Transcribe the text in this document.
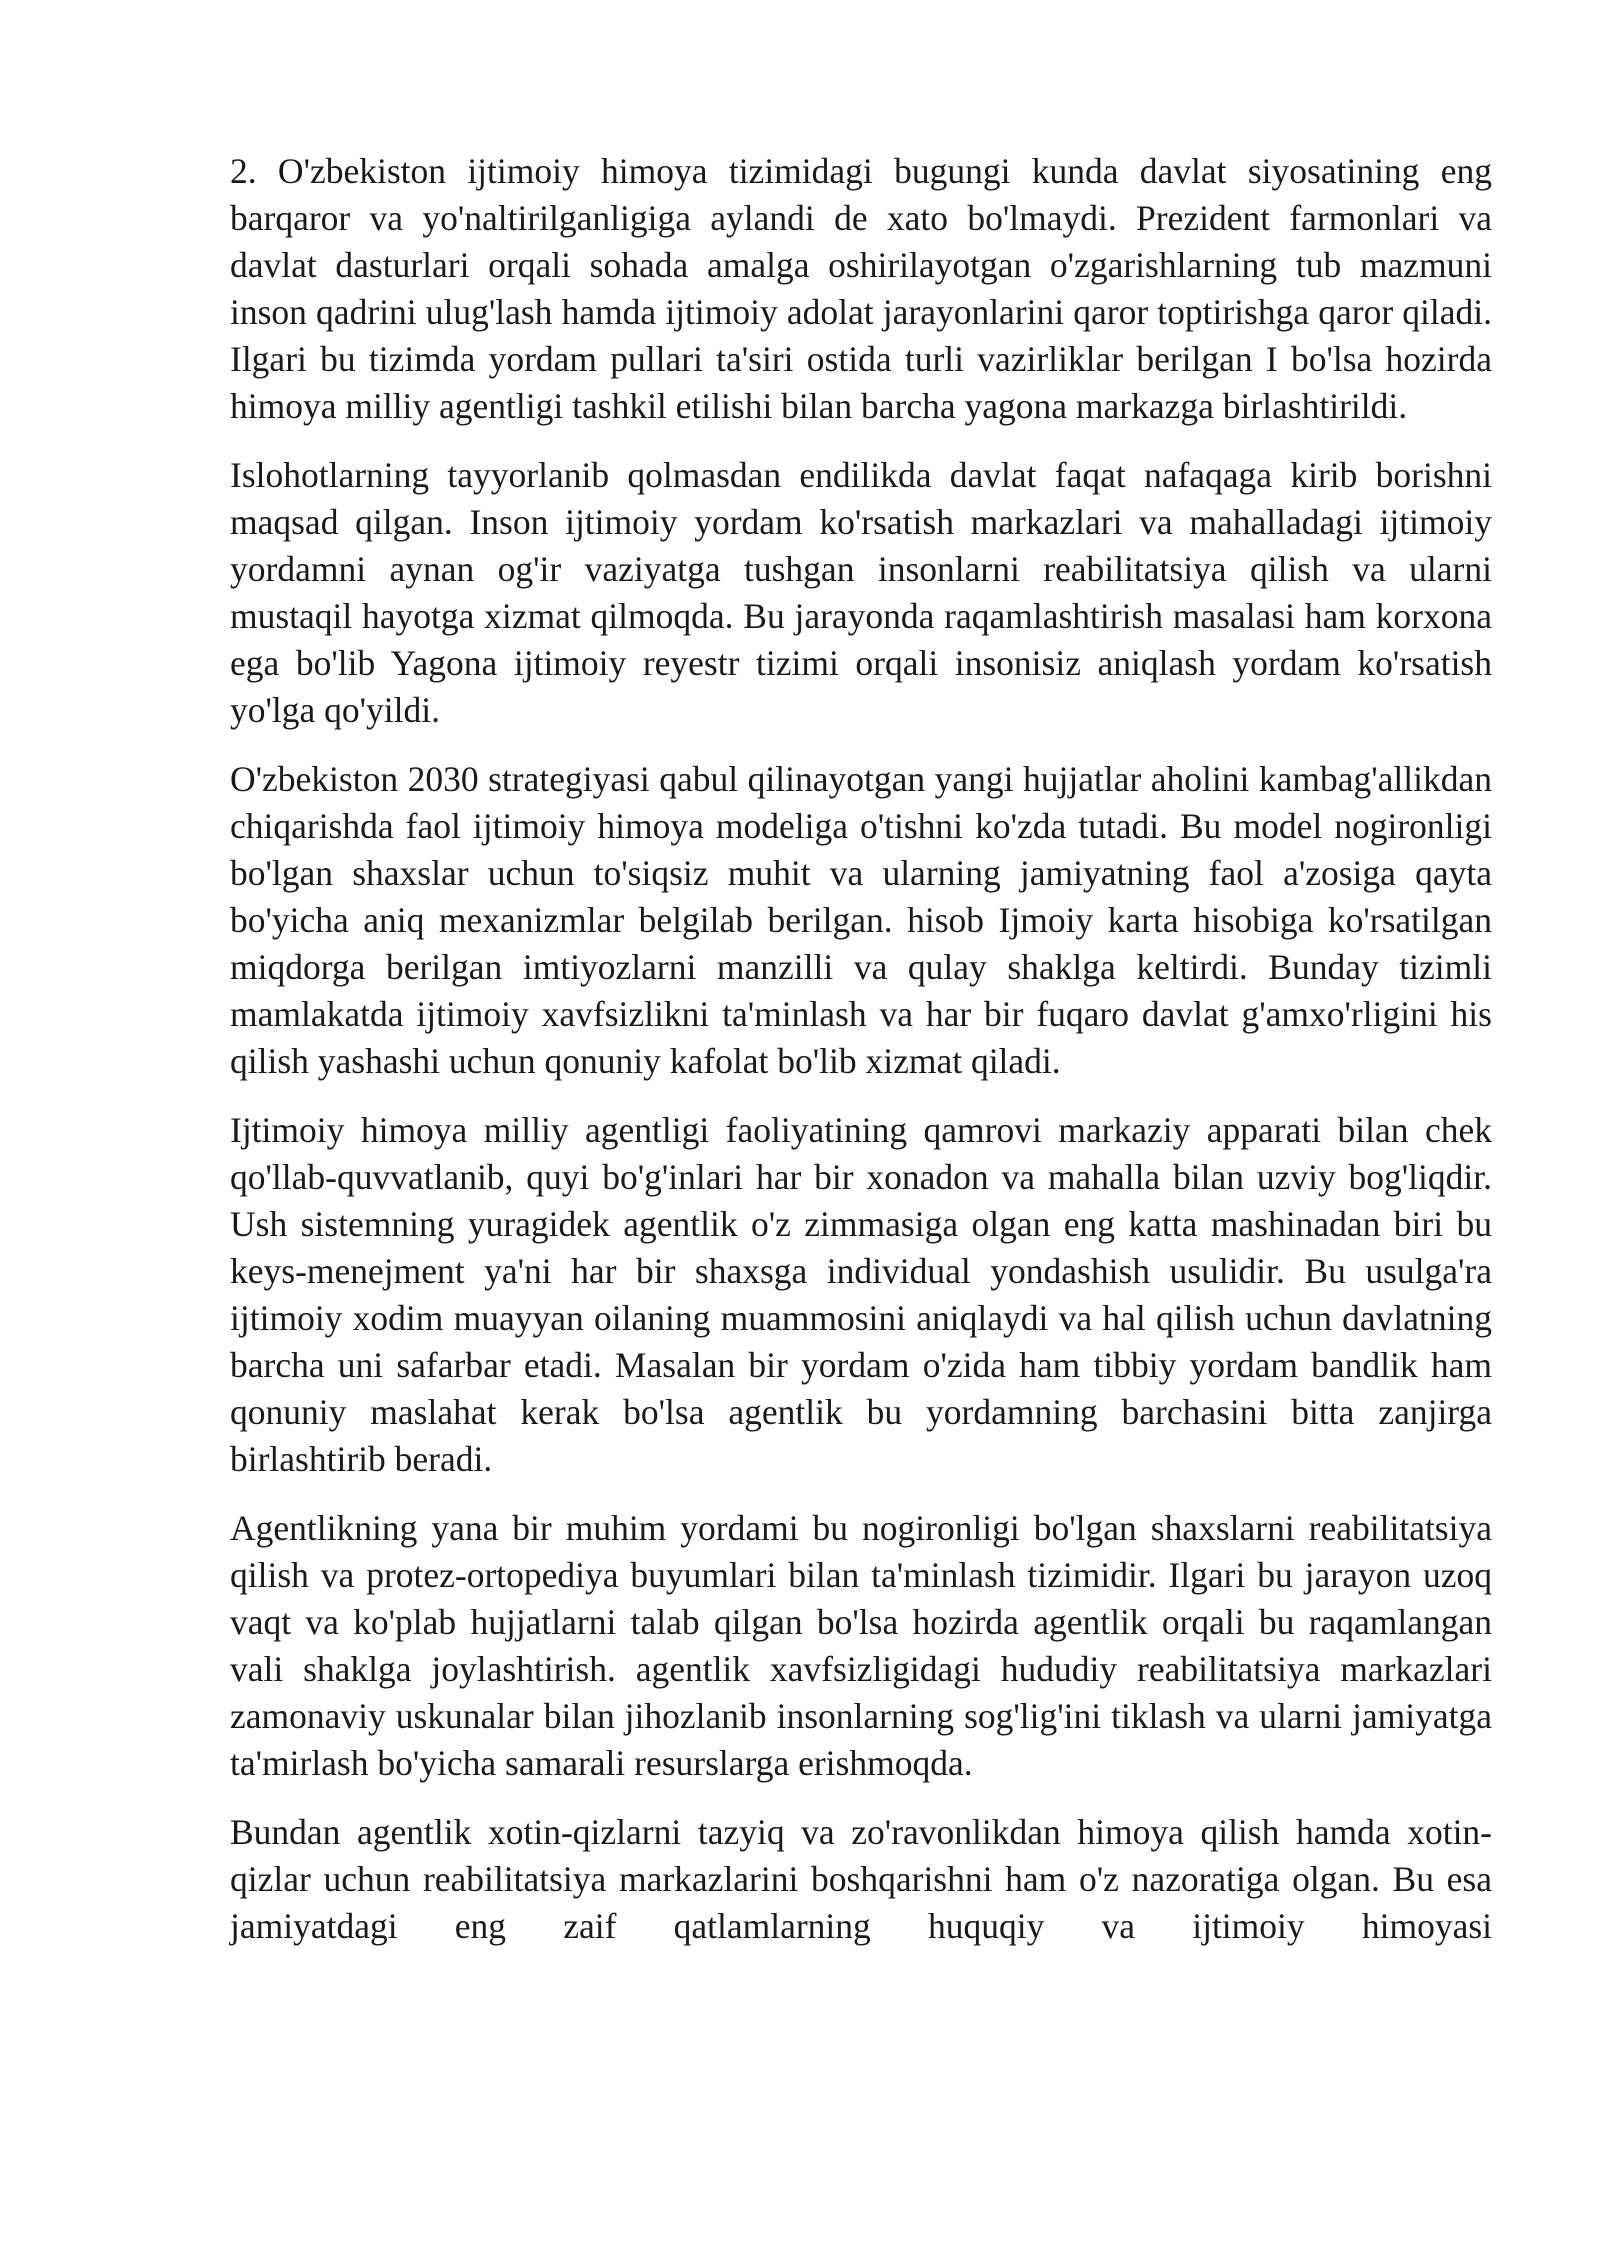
2. O'zbekiston ijtimoiy himoya tizimidagi bugungi kunda davlat siyosatining eng barqaror va yo'naltirilganligiga aylandi de xato bo'lmaydi. Prezident farmonlari va davlat dasturlari orqali sohada amalga oshirilayotgan o'zgarishlarning tub mazmuni inson qadrini ulug'lash hamda ijtimoiy adolat jarayonlarini qaror toptirishga qaror qiladi. Ilgari bu tizimda yordam pullari ta'siri ostida turli vazirliklar berilgan I bo'lsa hozirda himoya milliy agentligi tashkil etilishi bilan barcha yagona markazga birlashtirildi.

Islohotlarning tayyorlanib qolmasdan endilikda davlat faqat nafaqaga kirib borishni maqsad qilgan. Inson ijtimoiy yordam ko'rsatish markazlari va mahalladagi ijtimoiy yordamni aynan og'ir vaziyatga tushgan insonlarni reabilitatsiya qilish va ularni mustaqil hayotga xizmat qilmoqda. Bu jarayonda raqamlashtirish masalasi ham korxona ega bo'lib Yagona ijtimoiy reyestr tizimi orqali insonisiz aniqlash yordam ko'rsatish yo'lga qo'yildi.

O'zbekiston 2030 strategiyasi qabul qilinayotgan yangi hujjatlar aholini kambag'allikdan chiqarishda faol ijtimoiy himoya modeliga o'tishni ko'zda tutadi. Bu model nogironligi bo'lgan shaxslar uchun to'siqsiz muhit va ularning jamiyatning faol a'zosiga qayta bo'yicha aniq mexanizmlar belgilab berilgan. hisob Ijmoiy karta hisobiga ko'rsatilgan miqdorga berilgan imtiyozlarni manzilli va qulay shaklga keltirdi. Bunday tizimli mamlakatda ijtimoiy xavfsizlikni ta'minlash va har bir fuqaro davlat g'amxo'rligini his qilish yashashi uchun qonuniy kafolat bo'lib xizmat qiladi.

Ijtimoiy himoya milliy agentligi faoliyatining qamrovi markaziy apparati bilan chek qo'llab-quvvatlanib, quyi bo'g'inlari har bir xonadon va mahalla bilan uzviy bog'liqdir. Ush sistemning yuragidek agentlik o'z zimmasiga olgan eng katta mashinadan biri bu keys-menejment ya'ni har bir shaxsga individual yondashish usulidir. Bu usulga'ra ijtimoiy xodim muayyan oilaning muammosini aniqlaydi va hal qilish uchun davlatning barcha uni safarbar etadi. Masalan bir yordam o'zida ham tibbiy yordam bandlik ham qonuniy maslahat kerak bo'lsa agentlik bu yordamning barchasini bitta zanjirga birlashtirib beradi.

Agentlikning yana bir muhim yordami bu nogironligi bo'lgan shaxslarni reabilitatsiya qilish va protez-ortopediya buyumlari bilan ta'minlash tizimidir. Ilgari bu jarayon uzoq vaqt va ko'plab hujjatlarni talab qilgan bo'lsa hozirda agentlik orqali bu raqamlangan vali shaklga joylashtirish. agentlik xavfsizligidagi hududiy reabilitatsiya markazlari zamonaviy uskunalar bilan jihozlanib insonlarning sog'lig'ini tiklash va ularni jamiyatga ta'mirlash bo'yicha samarali resurslarga erishmoqda.

Bundan agentlik xotin-qizlarni tazyiq va zo'ravonlikdan himoya qilish hamda xotin-qizlar uchun reabilitatsiya markazlarini boshqarishni ham o'z nazoratiga olgan. Bu esa jamiyatdagi eng zaif qatlamlarning huquqiy va ijtimoiy himoyasi
